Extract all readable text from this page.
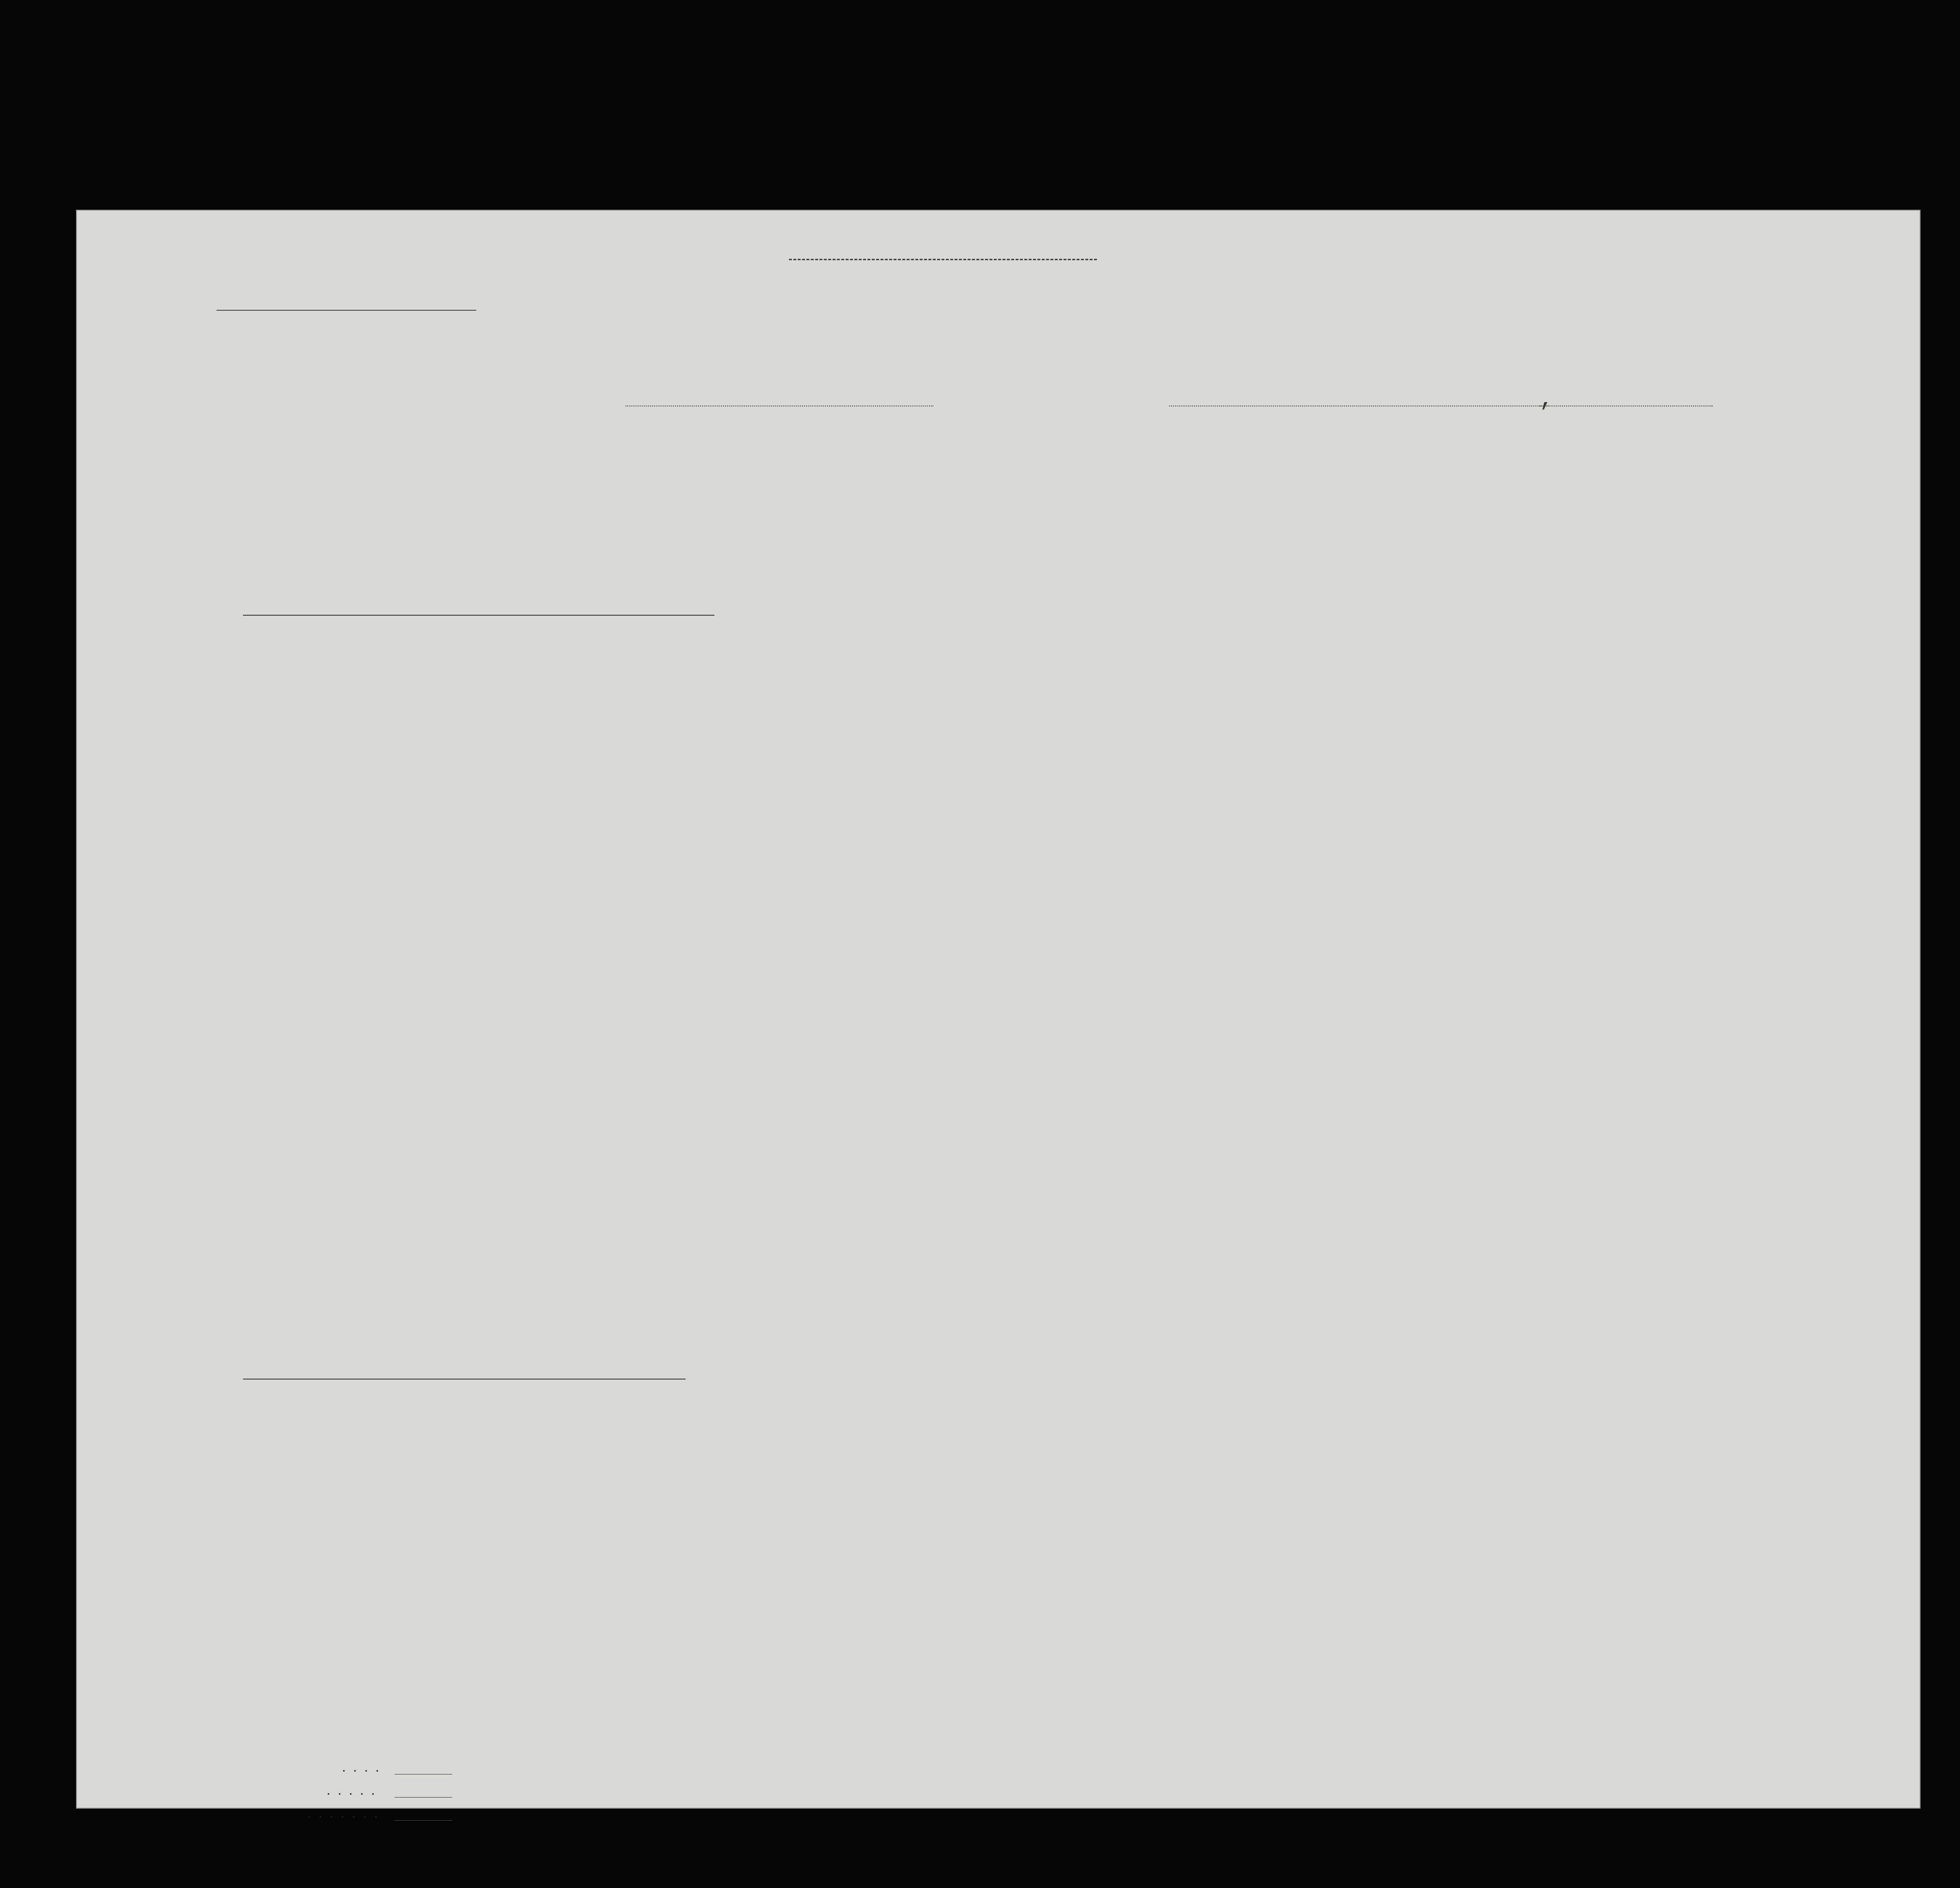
,
. . . .
. . . . .
. . . . . . .
